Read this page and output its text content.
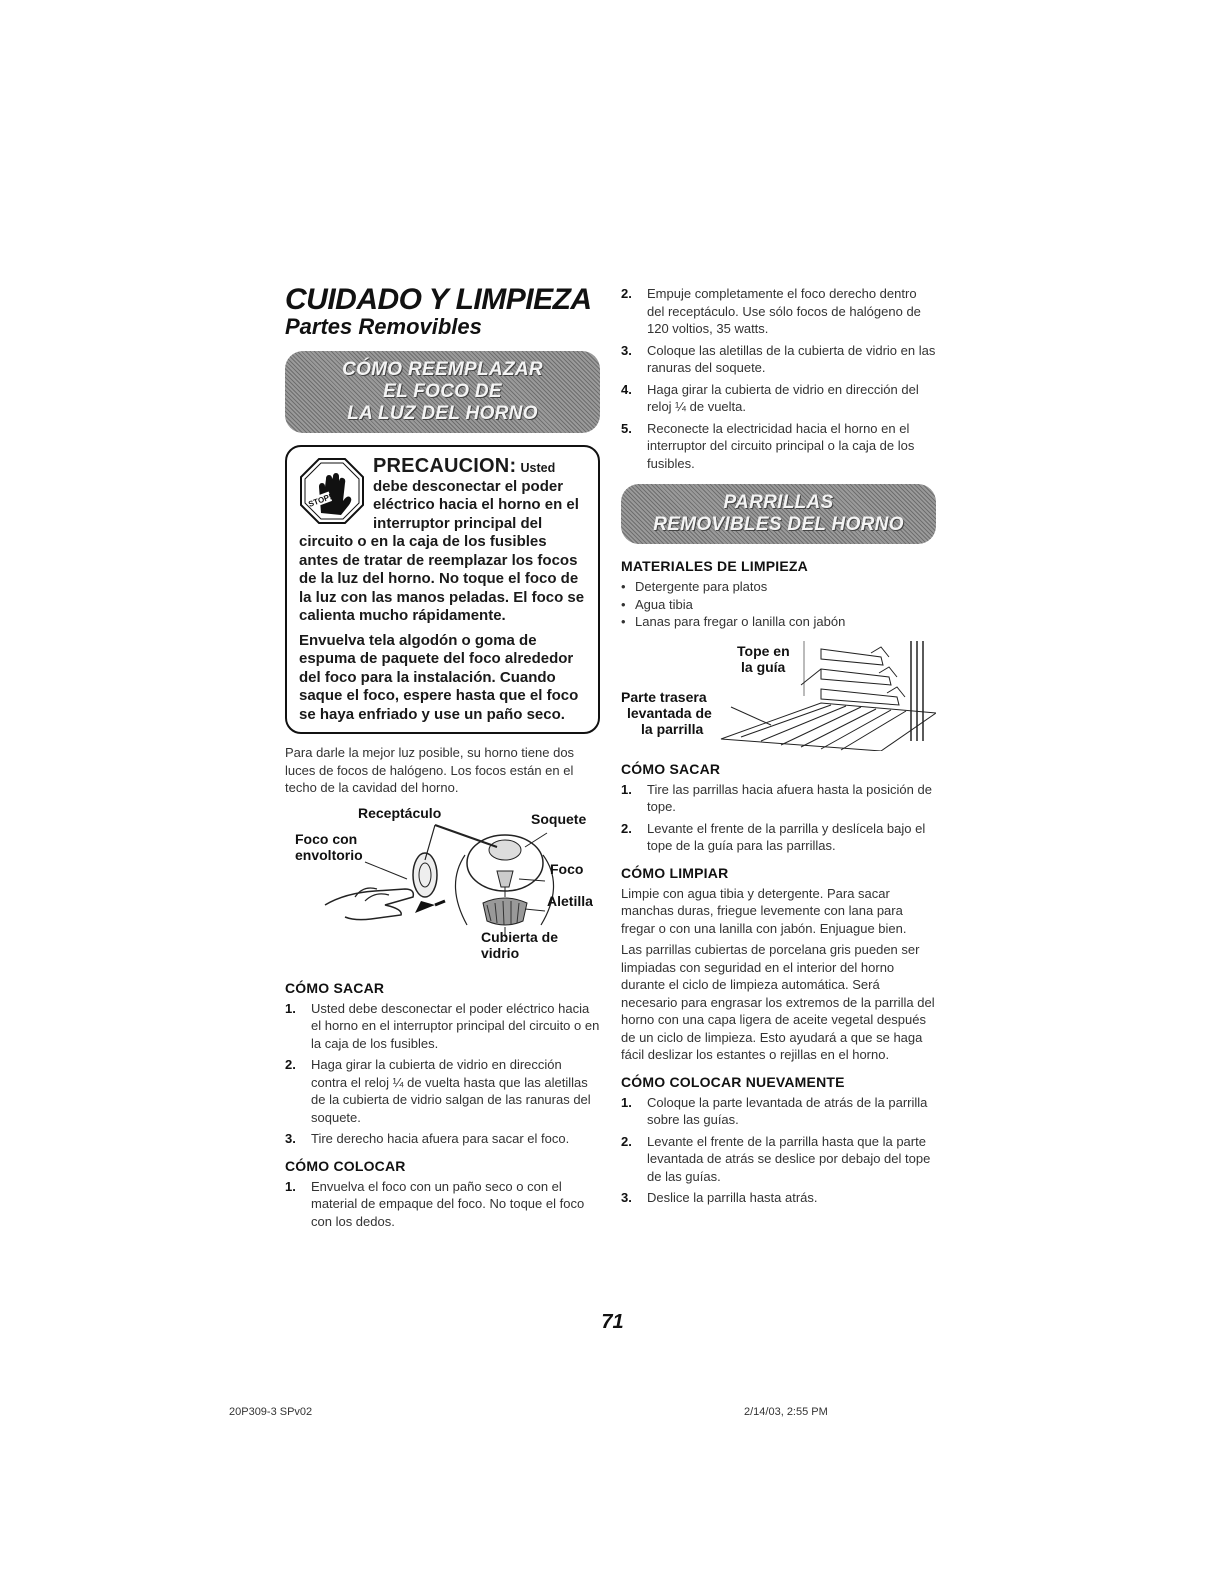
CUIDADO Y LIMPIEZA
Partes Removibles
CÓMO REEMPLAZAR
EL FOCO DE
LA LUZ DEL HORNO
STOP!

PRECAUCION: Usted debe desconectar el poder eléctrico hacia el horno en el interruptor principal del circuito o en la caja de los fusibles antes de tratar de reemplazar los focos de la luz del horno. No toque el foco de la luz con las manos peladas. El foco se calienta mucho rápidamente.

Envuelva tela algodón o goma de espuma de paquete del foco alrededor del foco para la instalación. Cuando saque el foco, espere hasta que el foco se haya enfriado y use un paño seco.

Para darle la mejor luz posible, su horno tiene dos luces de focos de halógeno. Los focos están en el techo de la cavidad del horno.

Receptáculo	Soquete
Foco con
envoltorio
Foco
Aletilla
Cubierta de
vidrio
CÓMO SACAR
1.	Usted debe desconectar el poder eléctrico hacia el horno en el interruptor principal del circuito o en la caja de los fusibles.
2.	Haga girar la cubierta de vidrio en dirección contra el reloj ¼ de vuelta hasta que las aletillas de la cubierta de vidrio salgan de las ranuras del soquete.
3.	Tire derecho hacia afuera para sacar el foco.
CÓMO COLOCAR
1.	Envuelva el foco con un paño seco o con el material de empaque del foco. No toque el foco con los dedos.
2.	Empuje completamente el foco derecho dentro del receptáculo. Use sólo focos de halógeno de 120 voltios, 35 watts.
3.	Coloque las aletillas de la cubierta de vidrio en las ranuras del soquete.
4.	Haga girar la cubierta de vidrio en dirección del reloj ¼ de vuelta.
5.	Reconecte la electricidad hacia el horno en el interruptor del circuito principal o la caja de los fusibles.
PARRILLAS
REMOVIBLES DEL HORNO
MATERIALES DE LIMPIEZA
• Detergente para platos
• Agua tibia
• Lanas para fregar o lanilla con jabón
Tope en
la guía
Parte trasera
levantada de
la parrilla
CÓMO SACAR
1.	Tire las parrillas hacia afuera hasta la posición de tope.
2.	Levante el frente de la parrilla y deslícela bajo el tope de la guía para las parrillas.
CÓMO LIMPIAR

Limpie con agua tibia y detergente. Para sacar manchas duras, friegue levemente con lana para fregar o con una lanilla con jabón. Enjuague bien.

Las parrillas cubiertas de porcelana gris pueden ser limpiadas con seguridad en el interior del horno durante el ciclo de limpieza automática. Será necesario para engrasar los extremos de la parrilla del horno con una capa ligera de aceite vegetal después de un ciclo de limpieza. Esto ayudará a que se haga fácil deslizar los estantes o rejillas en el horno.

CÓMO COLOCAR NUEVAMENTE
1.	Coloque la parte levantada de atrás de la parrilla sobre las guías.
2.	Levante el frente de la parrilla hasta que la parte levantada de atrás se deslice por debajo del tope de las guías.
3.	Deslice la parrilla hasta atrás.
71
20P309-3 SPv02	2/14/03, 2:55 PM
